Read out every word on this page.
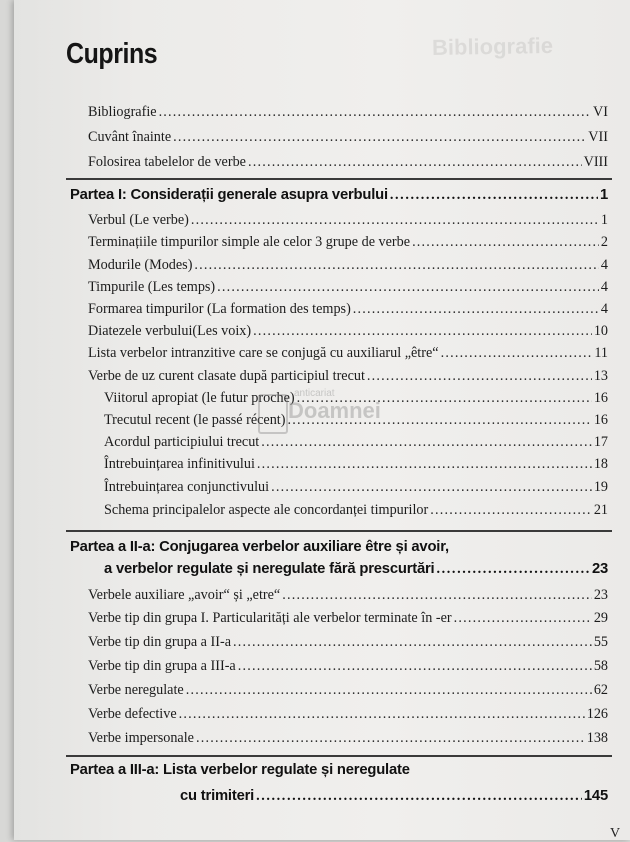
Bibliografie
Cuprins
Bibliografie .....	VI
Cuvânt înainte .....	VII
Folosirea tabelelor de verbe .....	VIII
Partea I: Considerații generale asupra verbului .....	1
Verbul (Le verbe) .....	1
Terminațiile timpurilor simple ale celor 3 grupe de verbe .....	2
Modurile (Modes) .....	4
Timpurile (Les temps) .....	4
Formarea timpurilor (La formation des temps) .....	4
Diatezele verbului(Les voix) .....	10
Lista verbelor intranzitive care se conjugă cu auxiliarul „être“ .....	11
Verbe de uz curent clasate după participiul trecut .....	13
Viitorul apropiat (le futur proche) .....	16
Trecutul recent (le passé récent) .....	16
Acordul participiului trecut .....	17
Întrebuințarea infinitivului .....	18
Întrebuințarea conjunctivului .....	19
Schema principalelor aspecte ale concordanței timpurilor .....	21
Partea a II-a: Conjugarea verbelor auxiliare être și avoir,
a verbelor regulate și neregulate fără prescurtări .....	23
Verbele auxiliare „avoir“ și „etre“ .....	23
Verbe tip din grupa I. Particularități ale verbelor terminate în -er .....	29
Verbe tip din grupa a II-a .....	55
Verbe tip din grupa a III-a .....	58
Verbe neregulate .....	62
Verbe defective .....	126
Verbe impersonale .....	138
Partea a III-a: Lista verbelor regulate și neregulate
cu trimiteri .....	145
anticariat
Doamnei
V
